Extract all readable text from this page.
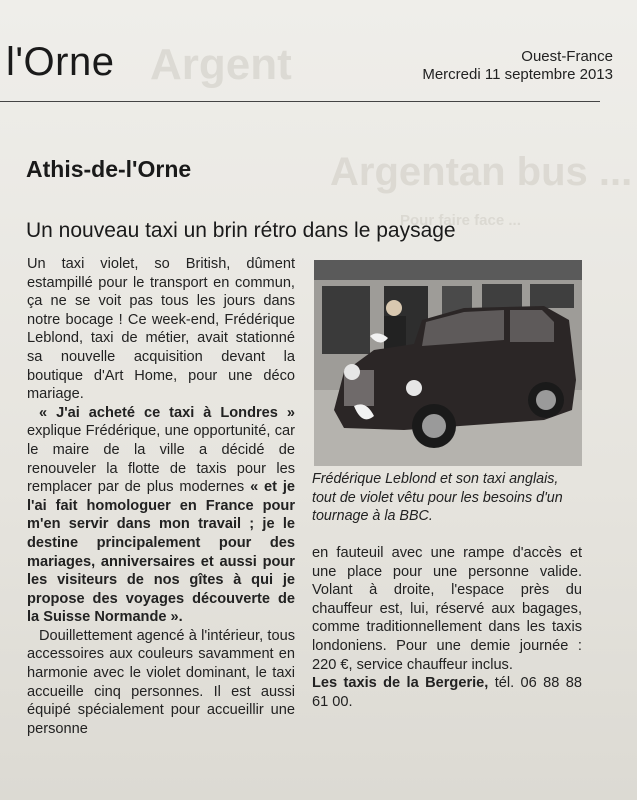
Argent
Argentan bus ...
Pour faire face ...
l'Orne	Ouest-France
Mercredi 11 septembre 2013
Athis-de-l'Orne
Un nouveau taxi un brin rétro dans le paysage

Un taxi violet, so British, dûment estampillé pour le transport en commun, ça ne se voit pas tous les jours dans notre bocage ! Ce week-end, Frédérique Leblond, taxi de métier, avait stationné sa nouvelle acquisition devant la boutique d'Art Home, pour une déco mariage.

« J'ai acheté ce taxi à Londres » explique Frédérique, une opportunité, car le maire de la ville a décidé de renouveler la flotte de taxis pour les remplacer par de plus modernes « et je l'ai fait homologuer en France pour m'en servir dans mon travail ; je le destine principalement pour des mariages, anniversaires et aussi pour les visiteurs de nos gîtes à qui je propose des voyages découverte de la Suisse Normande ».

Douillettement agencé à l'intérieur, tous accessoires aux couleurs savamment en harmonie avec le violet dominant, le taxi accueille cinq personnes. Il est aussi équipé spécialement pour accueillir une personne

Frédérique Leblond et son taxi anglais, tout de violet vêtu pour les besoins d'un tournage à la BBC.

en fauteuil avec une rampe d'accès et une place pour une personne valide. Volant à droite, l'espace près du chauffeur est, lui, réservé aux bagages, comme traditionnellement dans les taxis londoniens. Pour une demie journée : 220 €, service chauffeur inclus.

Les taxis de la Bergerie, tél. 06 88 88 61 00.
